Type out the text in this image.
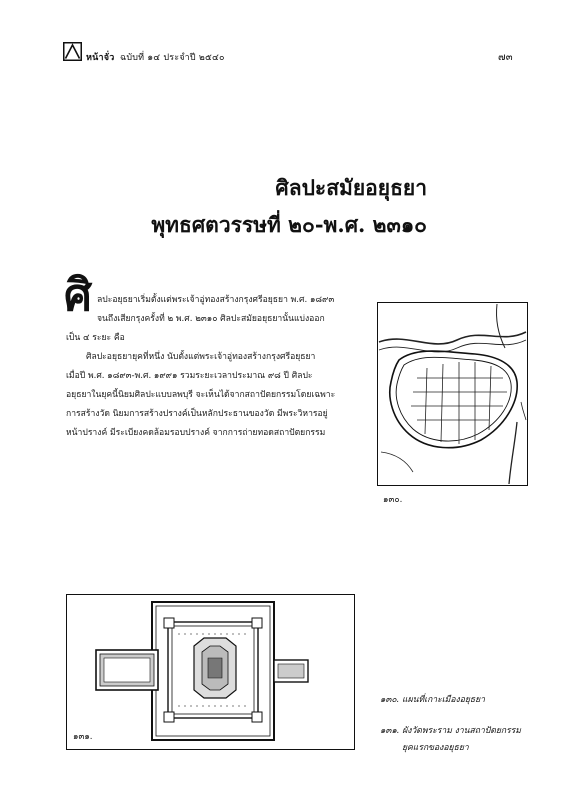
หน้าจั่ว ฉบับที่ ๑๔ ประจำปี ๒๕๔๐	๗๓
ศิลปะสมัยอยุธยา
พุทธศตวรรษที่ ๒๐-พ.ศ. ๒๓๑๐
ศิ ลปะอยุธยาเริ่มตั้งแต่พระเจ้าอู่ทองสร้างกรุงศรีอยุธยา พ.ศ. ๑๘๙๓
จนถึงเสียกรุงครั้งที่ ๒ พ.ศ. ๒๓๑๐ ศิลปะสมัยอยุธยานั้นแบ่งออก
เป็น ๔ ระยะ คือ
ศิลปะอยุธยายุคที่หนึ่ง นับตั้งแต่พระเจ้าอู่ทองสร้างกรุงศรีอยุธยา
เมื่อปี พ.ศ. ๑๘๙๓-พ.ศ. ๑๙๙๑ รวมระยะเวลาประมาณ ๙๘ ปี ศิลปะ
อยุธยาในยุคนี้นิยมศิลปะแบบลพบุรี จะเห็นได้จากสถาปัตยกรรมโดยเฉพาะ
การสร้างวัด นิยมการสร้างปรางค์เป็นหลักประธานของวัด มีพระวิหารอยู่
หน้าปรางค์ มีระเบียงคดล้อมรอบปรางค์ จากการถ่ายทอดสถาปัตยกรรม
๑๓๐.
๑๓๑.
๑๓๐. แผนที่เกาะเมืองอยุธยา
๑๓๑. ผังวัดพระราม งานสถาปัตยกรรม
ยุคแรกของอยุธยา
